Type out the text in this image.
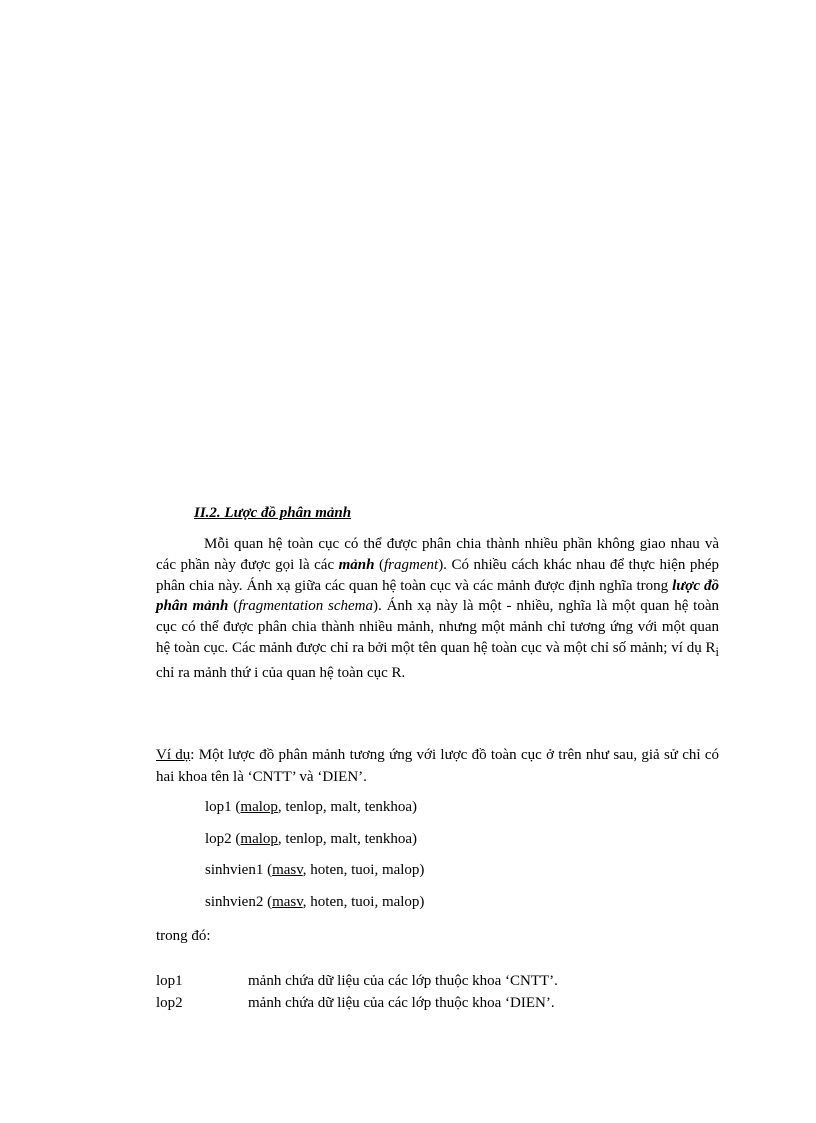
II.2. Lược đồ phân mảnh

Mỗi quan hệ toàn cục có thể được phân chia thành nhiều phần không giao nhau và các phần này được gọi là các mảnh (fragment). Có nhiều cách khác nhau để thực hiện phép phân chia này. Ánh xạ giữa các quan hệ toàn cục và các mảnh được định nghĩa trong lược đồ phân mảnh (fragmentation schema). Ánh xạ này là một - nhiều, nghĩa là một quan hệ toàn cục có thể được phân chia thành nhiều mảnh, nhưng một mảnh chỉ tương ứng với một quan hệ toàn cục. Các mảnh được chỉ ra bởi một tên quan hệ toàn cục và một chỉ số mảnh; ví dụ $R_i$ chỉ ra mảnh thứ i của quan hệ toàn cục R.

Ví dụ: Một lược đồ phân mảnh tương ứng với lược đồ toàn cục ở trên như sau, giả sử chỉ có hai khoa tên là ‘CNTT’ và ‘DIEN’.

lop1 (malop, tenlop, malt, tenkhoa)
lop2 (malop, tenlop, malt, tenkhoa)
sinhvien1 (masv, hoten, tuoi, malop)
sinhvien2 (masv, hoten, tuoi, malop)
trong đó:
lop1	mảnh chứa dữ liệu của các lớp thuộc khoa ‘CNTT’.
lop2	mảnh chứa dữ liệu của các lớp thuộc khoa ‘DIEN’.
